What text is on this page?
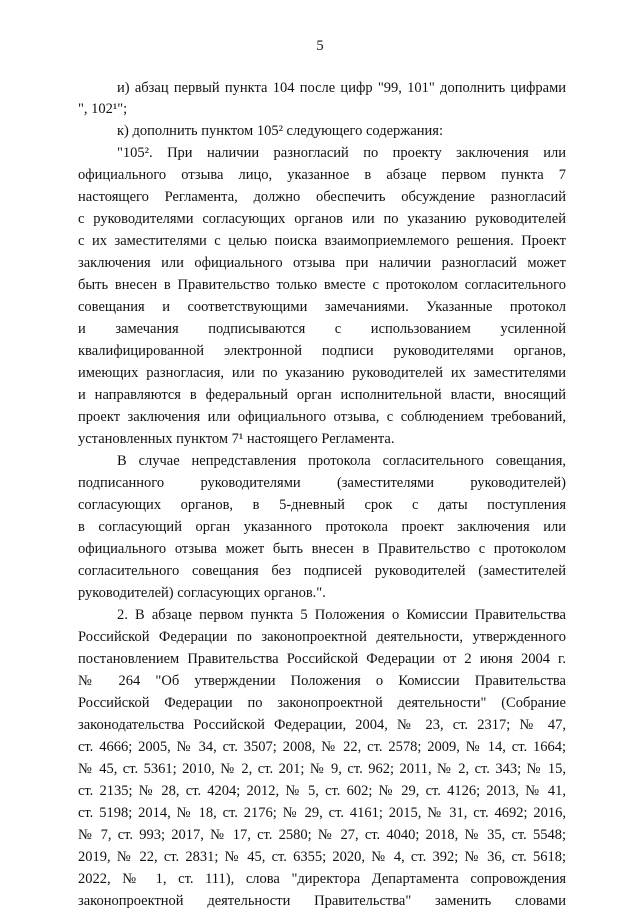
5
и) абзац первый пункта 104 после цифр "99, 101" дополнить цифрами
", 102¹";
к) дополнить пунктом 105² следующего содержания:
"105². При наличии разногласий по проекту заключения или
официального отзыва лицо, указанное в абзаце первом пункта 7
настоящего Регламента, должно обеспечить обсуждение разногласий
с руководителями согласующих органов или по указанию руководителей
с их заместителями с целью поиска взаимоприемлемого решения. Проект
заключения или официального отзыва при наличии разногласий может
быть внесен в Правительство только вместе с протоколом согласительного
совещания и соответствующими замечаниями. Указанные протокол
и замечания подписываются с использованием усиленной
квалифицированной электронной подписи руководителями органов,
имеющих разногласия, или по указанию руководителей их заместителями
и направляются в федеральный орган исполнительной власти, вносящий
проект заключения или официального отзыва, с соблюдением требований,
установленных пунктом 7¹ настоящего Регламента.
В случае непредставления протокола согласительного совещания,
подписанного руководителями (заместителями руководителей)
согласующих органов, в 5-дневный срок с даты поступления
в согласующий орган указанного протокола проект заключения или
официального отзыва может быть внесен в Правительство с протоколом
согласительного совещания без подписей руководителей (заместителей
руководителей) согласующих органов.".
2. В абзаце первом пункта 5 Положения о Комиссии Правительства
Российской Федерации по законопроектной деятельности, утвержденного
постановлением Правительства Российской Федерации от 2 июня 2004 г.
№ 264 "Об утверждении Положения о Комиссии Правительства
Российской Федерации по законопроектной деятельности" (Собрание
законодательства Российской Федерации, 2004, № 23, ст. 2317; № 47,
ст. 4666; 2005, № 34, ст. 3507; 2008, № 22, ст. 2578; 2009, № 14, ст. 1664;
№ 45, ст. 5361; 2010, № 2, ст. 201; № 9, ст. 962; 2011, № 2, ст. 343; № 15,
ст. 2135; № 28, ст. 4204; 2012, № 5, ст. 602; № 29, ст. 4126; 2013, № 41,
ст. 5198; 2014, № 18, ст. 2176; № 29, ст. 4161; 2015, № 31, ст. 4692; 2016,
№ 7, ст. 993; 2017, № 17, ст. 2580; № 27, ст. 4040; 2018, № 35, ст. 5548;
2019, № 22, ст. 2831; № 45, ст. 6355; 2020, № 4, ст. 392; № 36, ст. 5618;
2022, № 1, ст. 111), слова "директора Департамента сопровождения
законопроектной деятельности Правительства" заменить словами
